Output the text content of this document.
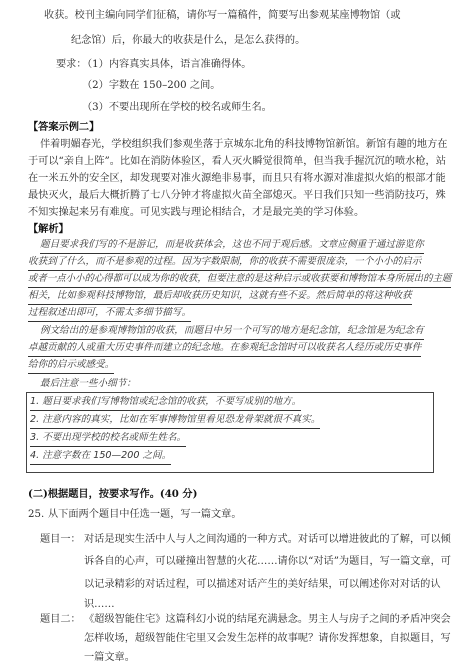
收获。校刊主编向同学们征稿，请你写一篇稿件，简要写出参观某座博物馆（或
纪念馆）后，你最大的收获是什么，是怎么获得的。
要求：
（1）内容真实具体，语言准确得体。
（2）字数在 150–200 之间。
（3）不要出现所在学校的校名或师生名。
【答案示例二】
伴着明媚春光，学校组织我们参观坐落于京城东北角的科技博物馆新馆。新馆有趣的地方在
于可以“亲自上阵”。比如在消防体验区，看人灭火瞬觉很简单，但当我手握沉沉的喷水枪，站
在一米五外的安全区，却发现要对准火源绝非易事，而且只有将水源对准虚拟火焰的根部才能
最快灭火，最后大概折腾了七八分钟才将虚拟火苗全部熄灭。平日我们只知一些消防技巧，殊
不知实操起来另有难度。可见实践与理论相结合，才是最完美的学习体验。
【解析】
题目要求我们写的不是游记，而是收获体会，这也不同于观后感。文章应侧重于通过游览你
收获到了什么，而不是参观的过程。因为字数限制，你的收获不需要很庞杂，一个小小的启示
或者一点小小的心得都可以成为你的收获，但要注意的是这种启示或收获要和博物馆本身所展出的主题
相关，比如参观科技博物馆，最后却收获历史知识，这就有些不妥。然后简单的将这种收获
过程叙述出即可，不需太多细节描写。
例文给出的是参观博物馆的收获，而题目中另一个可写的地方是纪念馆，纪念馆是为纪念有
卓越贡献的人或重大历史事件而建立的纪念地。在参观纪念馆时可以收获名人经历或历史事件
给你的启示或感受。
最后注意一些小细节：
1. 题目要求我们写博物馆或纪念馆的收获，不要写成别的地方。
2. 注意内容的真实，比如在军事博物馆里看见恐龙骨架就很不真实。
3. 不要出现学校的校名或师生姓名。
4. 注意字数在 150—200 之间。
(二)根据题目，按要求写作。(40 分)
25. 从下面两个题目中任选一题，写一篇文章。
题目一： 对话是现实生活中人与人之间沟通的一种方式。对话可以增进彼此的了解，可以倾
诉各自的心声，可以碰撞出智慧的火花……请你以“对话”为题目，写一篇文章，可
以记录精彩的对话过程，可以描述对话产生的美好结果，可以阐述你对对话的认
识……
题目二： 《超级智能住宅》这篇科幻小说的结尾充满悬念。男主人与房子之间的矛盾冲突会
怎样收场，超级智能住宅里又会发生怎样的故事呢？请你发挥想象，自拟题目，写
一篇文章。
